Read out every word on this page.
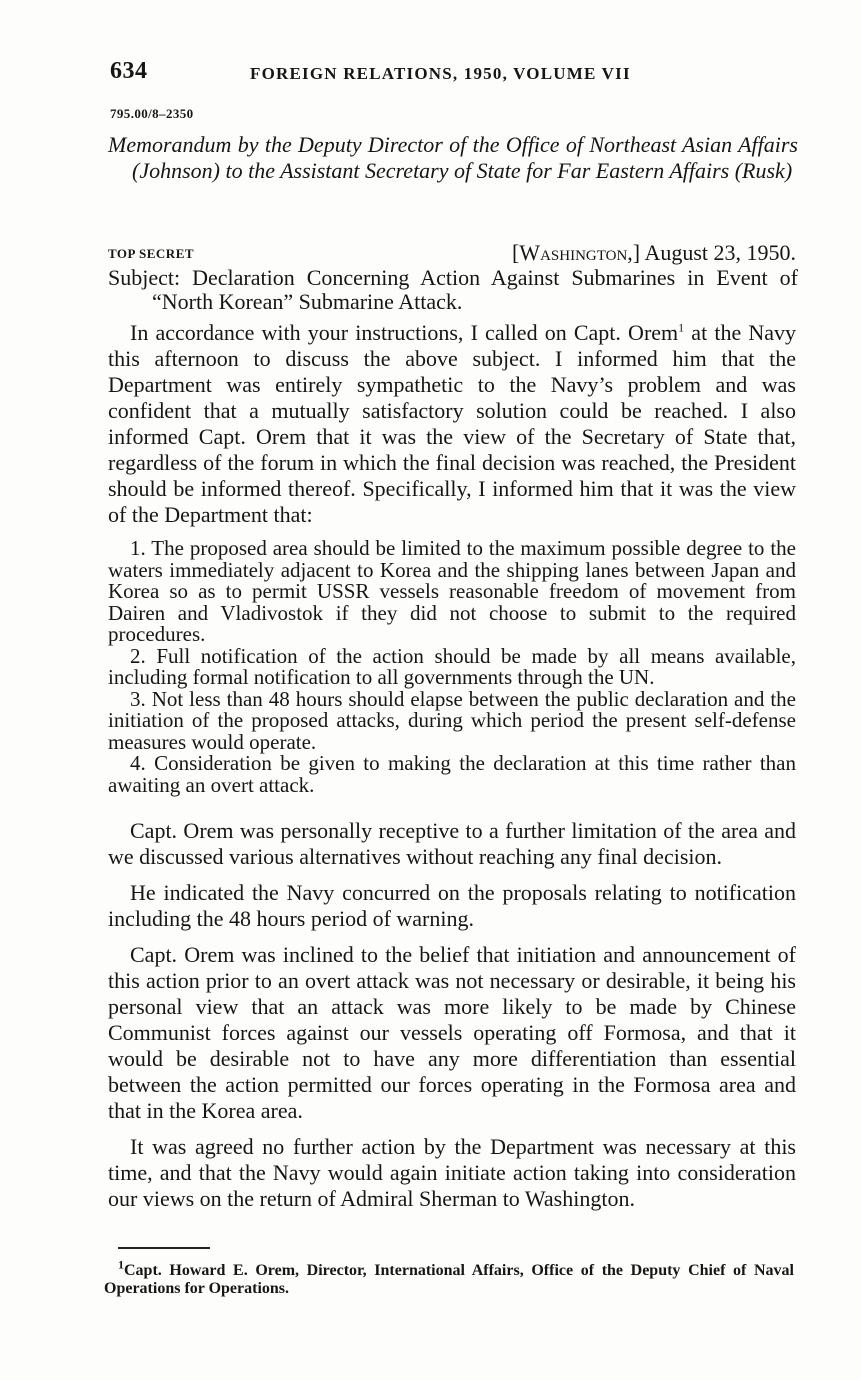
634	FOREIGN RELATIONS, 1950, VOLUME VII
795.00/8–2350
Memorandum by the Deputy Director of the Office of Northeast Asian Affairs (Johnson) to the Assistant Secretary of State for Far Eastern Affairs (Rusk)
TOP SECRET	[Washington,] August 23, 1950.
Subject: Declaration Concerning Action Against Submarines in Event of “North Korean” Submarine Attack.

In accordance with your instructions, I called on Capt. Orem$^1$ at the Navy this afternoon to discuss the above subject. I informed him that the Department was entirely sympathetic to the Navy’s problem and was confident that a mutually satisfactory solution could be reached. I also informed Capt. Orem that it was the view of the Secretary of State that, regardless of the forum in which the final decision was reached, the President should be informed thereof. Specifically, I informed him that it was the view of the Department that:

1. The proposed area should be limited to the maximum possible degree to the waters immediately adjacent to Korea and the shipping lanes between Japan and Korea so as to permit USSR vessels reasonable freedom of movement from Dairen and Vladivostok if they did not choose to submit to the required procedures.
2. Full notification of the action should be made by all means available, including formal notification to all governments through the UN.
3. Not less than 48 hours should elapse between the public declaration and the initiation of the proposed attacks, during which period the present self-defense measures would operate.
4. Consideration be given to making the declaration at this time rather than awaiting an overt attack.

Capt. Orem was personally receptive to a further limitation of the area and we discussed various alternatives without reaching any final decision.

He indicated the Navy concurred on the proposals relating to notification including the 48 hours period of warning.

Capt. Orem was inclined to the belief that initiation and announcement of this action prior to an overt attack was not necessary or desirable, it being his personal view that an attack was more likely to be made by Chinese Communist forces against our vessels operating off Formosa, and that it would be desirable not to have any more differentiation than essential between the action permitted our forces operating in the Formosa area and that in the Korea area.

It was agreed no further action by the Department was necessary at this time, and that the Navy would again initiate action taking into consideration our views on the return of Admiral Sherman to Washington.

$^1$Capt. Howard E. Orem, Director, International Affairs, Office of the Deputy Chief of Naval Operations for Operations.
